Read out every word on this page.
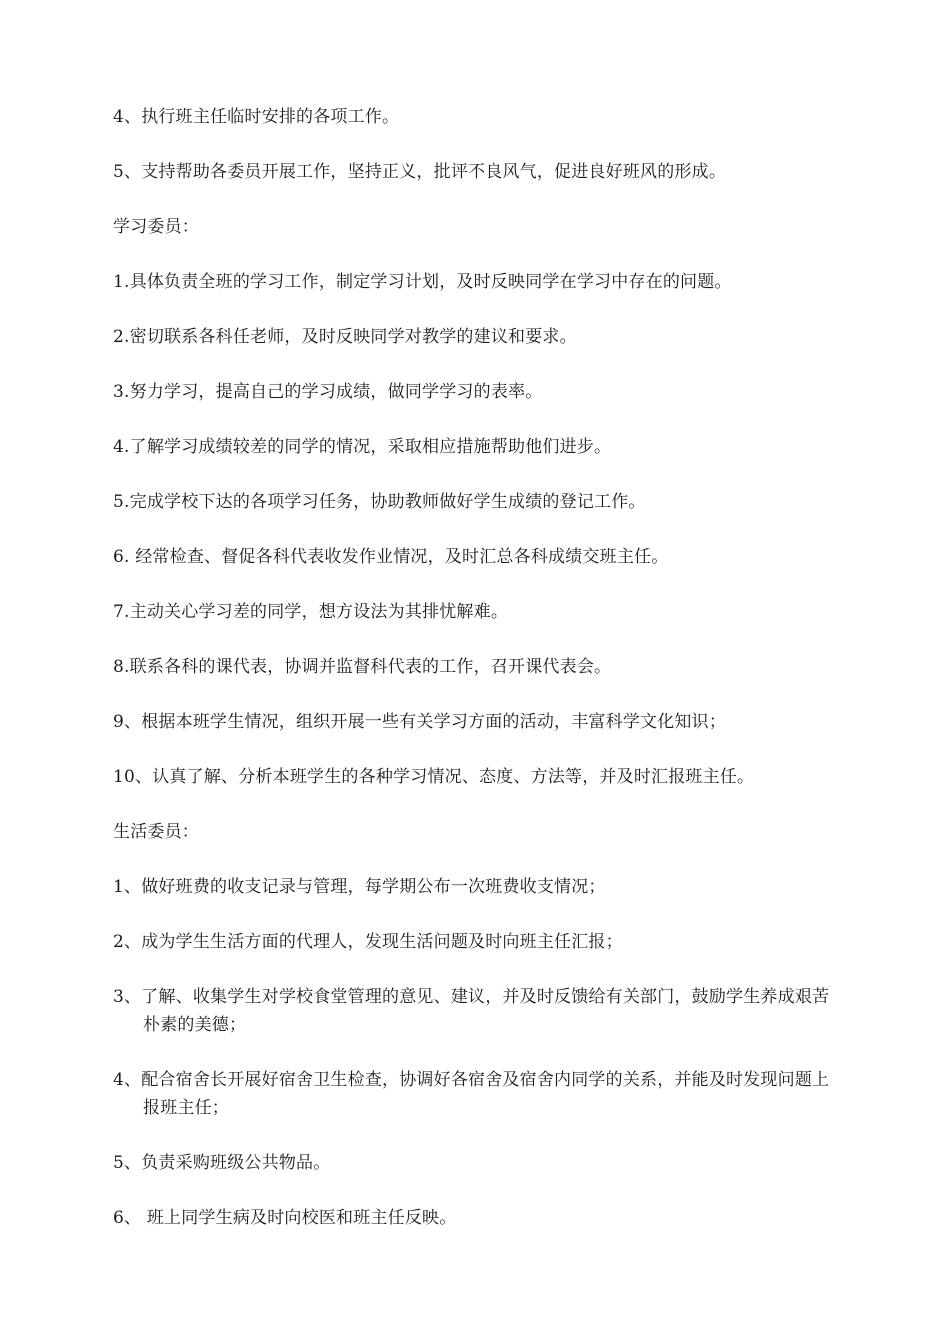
4、执行班主任临时安排的各项工作。

5、支持帮助各委员开展工作，坚持正义，批评不良风气，促进良好班风的形成。

学习委员：

1.具体负责全班的学习工作，制定学习计划，及时反映同学在学习中存在的问题。

2.密切联系各科任老师，及时反映同学对教学的建议和要求。

3.努力学习，提高自己的学习成绩，做同学学习的表率。

4.了解学习成绩较差的同学的情况，采取相应措施帮助他们进步。

5.完成学校下达的各项学习任务，协助教师做好学生成绩的登记工作。

6. 经常检查、督促各科代表收发作业情况，及时汇总各科成绩交班主任。

7.主动关心学习差的同学，想方设法为其排忧解难。

8.联系各科的课代表，协调并监督科代表的工作，召开课代表会。

9、根据本班学生情况，组织开展一些有关学习方面的活动，丰富科学文化知识；

10、认真了解、分析本班学生的各种学习情况、态度、方法等，并及时汇报班主任。

生活委员：

1、做好班费的收支记录与管理，每学期公布一次班费收支情况；

2、成为学生生活方面的代理人，发现生活问题及时向班主任汇报；

3、了解、收集学生对学校食堂管理的意见、建议，并及时反馈给有关部门，鼓励学生养成艰苦朴素的美德；

4、配合宿舍长开展好宿舍卫生检查，协调好各宿舍及宿舍内同学的关系，并能及时发现问题上报班主任；

5、负责采购班级公共物品。

6、 班上同学生病及时向校医和班主任反映。
